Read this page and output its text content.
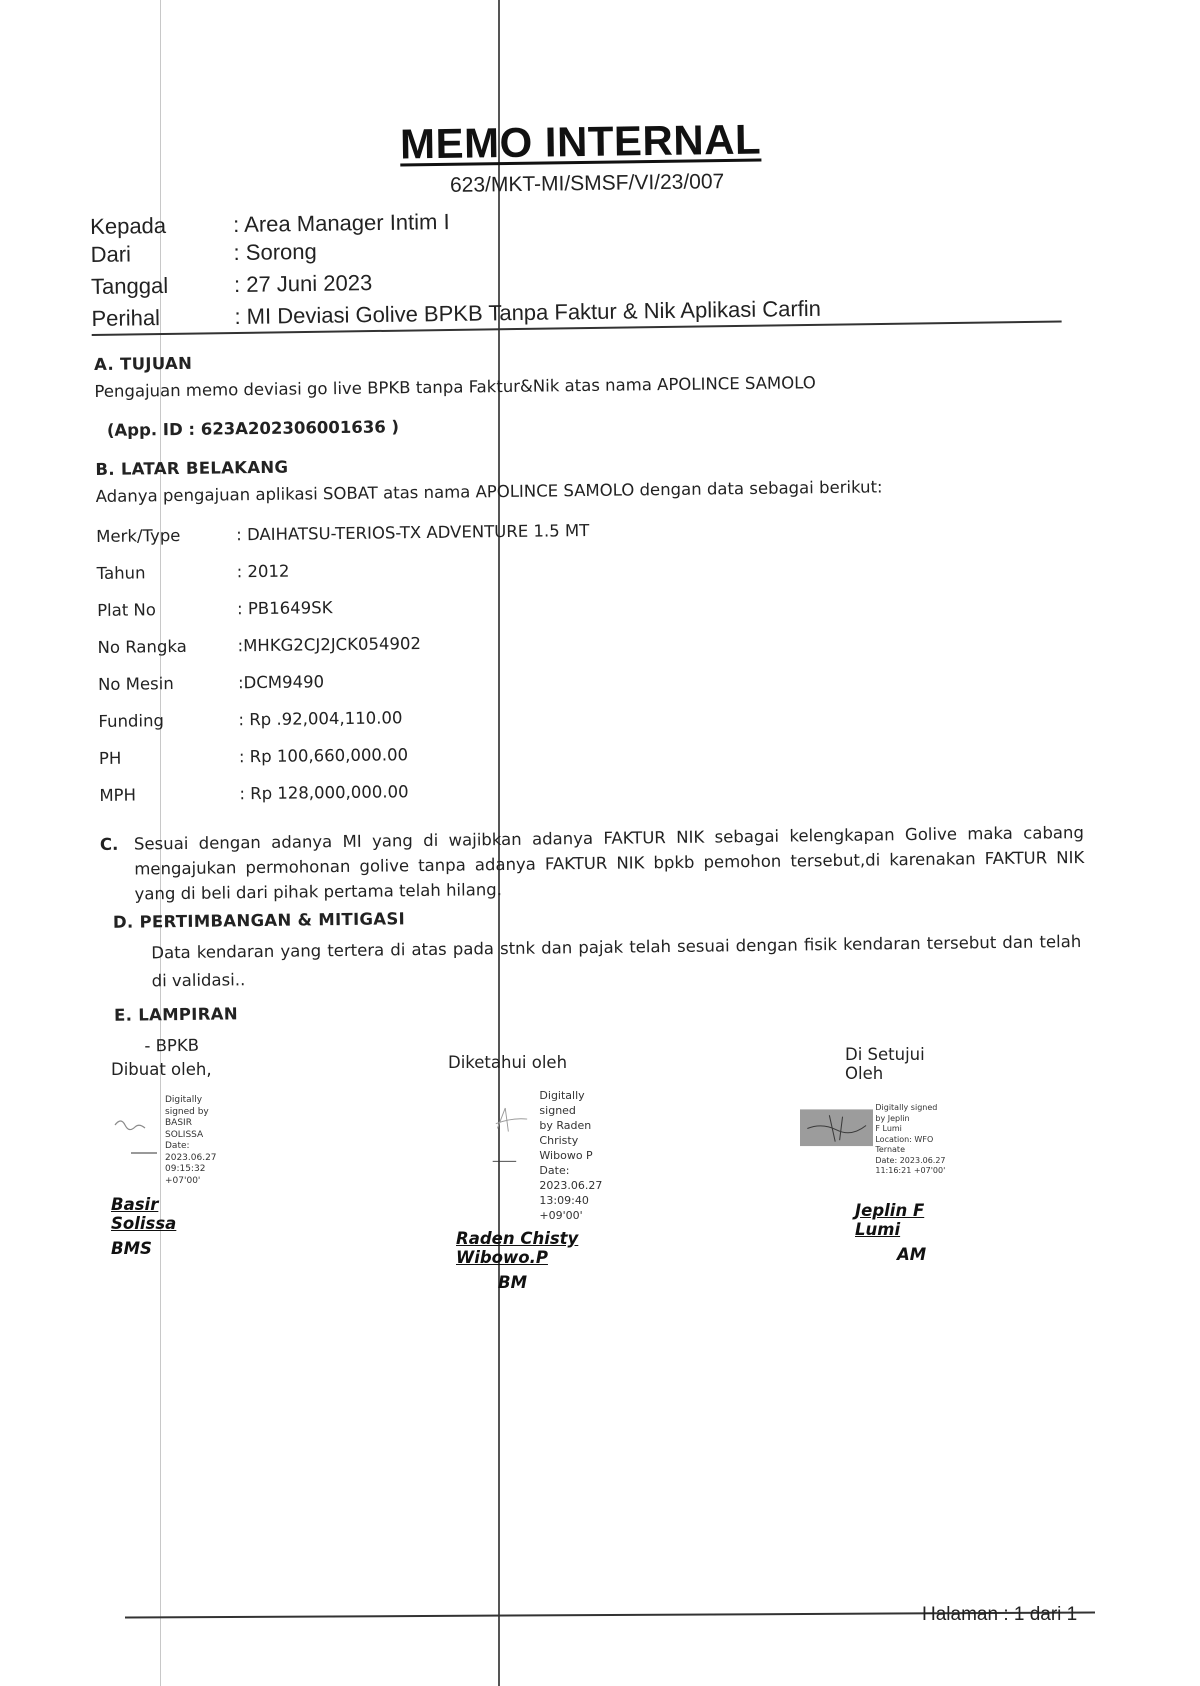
MEMO INTERNAL
623/MKT-MI/SMSF/VI/23/007
Kepada	: Area Manager Intim I
Dari	: Sorong
Tanggal	: 27 Juni 2023
Perihal	: MI Deviasi Golive BPKB Tanpa Faktur & Nik Aplikasi Carfin
A. TUJUAN
Pengajuan memo deviasi go live BPKB tanpa Faktur&Nik atas nama APOLINCE SAMOLO
(App. ID : 623A202306001636 )
B. LATAR BELAKANG
Adanya pengajuan aplikasi SOBAT atas nama APOLINCE SAMOLO dengan data sebagai berikut:
Merk/Type	: DAIHATSU-TERIOS-TX ADVENTURE 1.5 MT
Tahun	: 2012
Plat No	: PB1649SK
No Rangka	:MHKG2CJ2JCK054902
No Mesin	:DCM9490
Funding	: Rp .92,004,110.00
PH	: Rp 100,660,000.00
MPH	: Rp 128,000,000.00
C. Sesuai dengan adanya MI yang di wajibkan adanya FAKTUR NIK sebagai kelengkapan Golive maka cabang mengajukan permohonan golive tanpa adanya FAKTUR NIK bpkb pemohon tersebut,di karenakan FAKTUR NIK yang di beli dari pihak pertama telah hilang.
D. PERTIMBANGAN & MITIGASI
Data kendaran yang tertera di atas pada stnk dan pajak telah sesuai dengan fisik kendaran tersebut dan telah di validasi..
E. LAMPIRAN
- BPKB
Dibuat oleh,
Digitally
signed by
BASIR
SOLISSA
Date:
2023.06.27
09:15:32
+07'00'
Basir Solissa
BMS
Diketahui oleh
Digitally signed
by Raden Christy
Wibowo P
Date: 2023.06.27
13:09:40 +09'00'
Raden Chisty Wibowo.P
BM
Di Setujui Oleh
Digitally signed by Jeplin
F Lumi
Location: WFO Ternate
Date: 2023.06.27
11:16:21 +07'00'
Jeplin F Lumi
AM
Halaman : 1 dari 1
